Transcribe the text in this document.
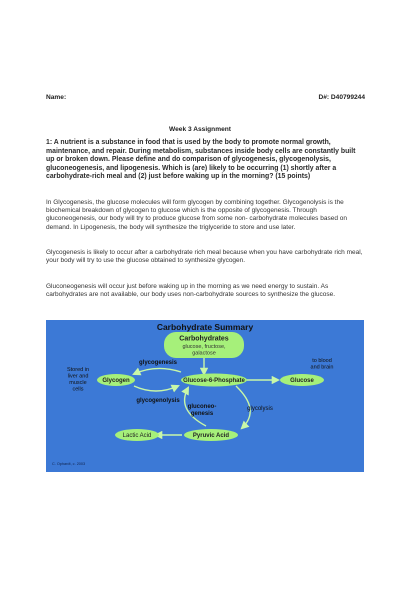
Name:	D#: D40799244
Week 3 Assignment
1: A nutrient is a substance in food that is used by the body to promote normal growth, maintenance, and repair. During metabolism, substances inside body cells are constantly built up or broken down. Please define and do comparison of glycogenesis, glycogenolysis, gluconeogenesis, and lipogenesis. Which is (are) likely to be occurring (1) shortly after a carbohydrate-rich meal and (2) just before waking up in the morning? (15 points)
In Glycogenesis, the glucose molecules will form glycogen by combining together. Glycogenolysis is the biochemical breakdown of glycogen to glucose which is the opposite of glycogenesis. Through gluconeogenesis, our body will try to produce glucose from some non- carbohydrate molecules based on demand. In Lipogenesis, the body will synthesize the triglyceride to store and use later.
Glycogenesis is likely to occur after a carbohydrate rich meal because when you have carbohydrate rich meal, your body will try to use the glucose obtained to synthesize glycogen.
Gluconeogenesis will occur just before waking up in the morning as we need energy to sustain. As carbohydrates are not available, our body uses non-carbohydrate sources to synthesize the glucose.
Carbohydrate Summary
Carbohydrates
glucose, fructose,
galactose
Stored in
liver and
muscle
cells
Glycogen	Glucose-6-Phosphate	Glucose
to blood
and brain
glycogenesis
glycogenolysis
gluconeo-
genesis
glycolysis
Lactic Acid	Pyruvic Acid
C. Ophardt, c. 2003
